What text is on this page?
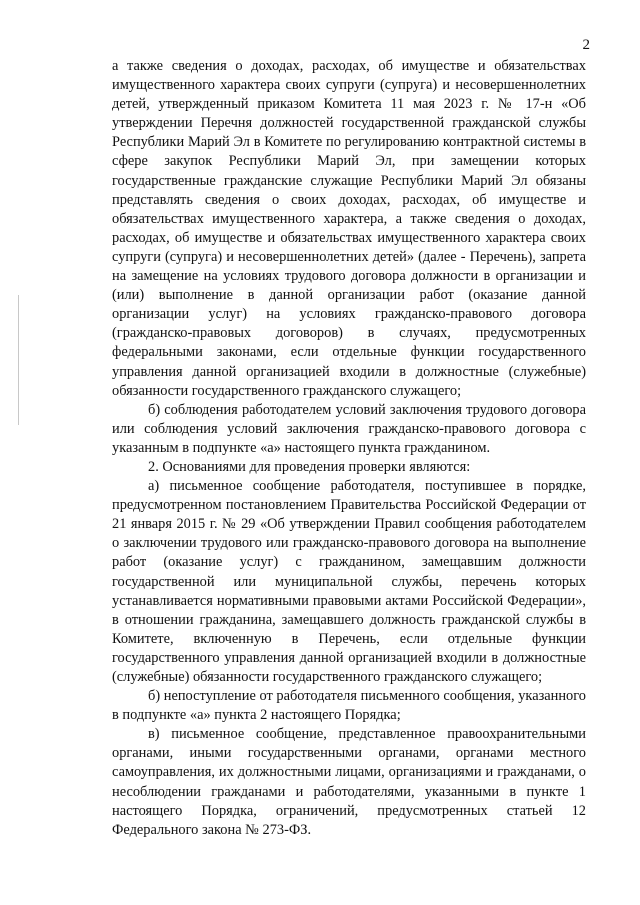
2

а также сведения о доходах, расходах, об имуществе и обязательствах имущественного характера своих супруги (супруга) и несовершеннолетних детей, утвержденный приказом Комитета 11 мая 2023 г. № 17-н «Об утверждении Перечня должностей государственной гражданской службы Республики Марий Эл в Комитете по регулированию контрактной системы в сфере закупок Республики Марий Эл, при замещении которых государственные гражданские служащие Республики Марий Эл обязаны представлять сведения о своих доходах, расходах, об имуществе и обязательствах имущественного характера, а также сведения о доходах, расходах, об имуществе и обязательствах имущественного характера своих супруги (супруга) и несовершеннолетних детей» (далее - Перечень), запрета на замещение на условиях трудового договора должности в организации и (или) выполнение в данной организации работ (оказание данной организации услуг) на условиях гражданско-правового договора (гражданско-правовых договоров) в случаях, предусмотренных федеральными законами, если отдельные функции государственного управления данной организацией входили в должностные (служебные) обязанности государственного гражданского служащего;

б) соблюдения работодателем условий заключения трудового договора или соблюдения условий заключения гражданско-правового договора с указанным в подпункте «а» настоящего пункта гражданином.

2. Основаниями для проведения проверки являются:

а) письменное сообщение работодателя, поступившее в порядке, предусмотренном постановлением Правительства Российской Федерации от 21 января 2015 г. № 29 «Об утверждении Правил сообщения работодателем о заключении трудового или гражданско-правового договора на выполнение работ (оказание услуг) с гражданином, замещавшим должности государственной или муниципальной службы, перечень которых устанавливается нормативными правовыми актами Российской Федерации», в отношении гражданина, замещавшего должность гражданской службы в Комитете, включенную в Перечень, если отдельные функции государственного управления данной организацией входили в должностные (служебные) обязанности государственного гражданского служащего;

б) непоступление от работодателя письменного сообщения, указанного в подпункте «а» пункта 2 настоящего Порядка;

в) письменное сообщение, представленное правоохранительными органами, иными государственными органами, органами местного самоуправления, их должностными лицами, организациями и гражданами, о несоблюдении гражданами и работодателями, указанными в пункте 1 настоящего Порядка, ограничений, предусмотренных статьей 12 Федерального закона № 273-ФЗ.
